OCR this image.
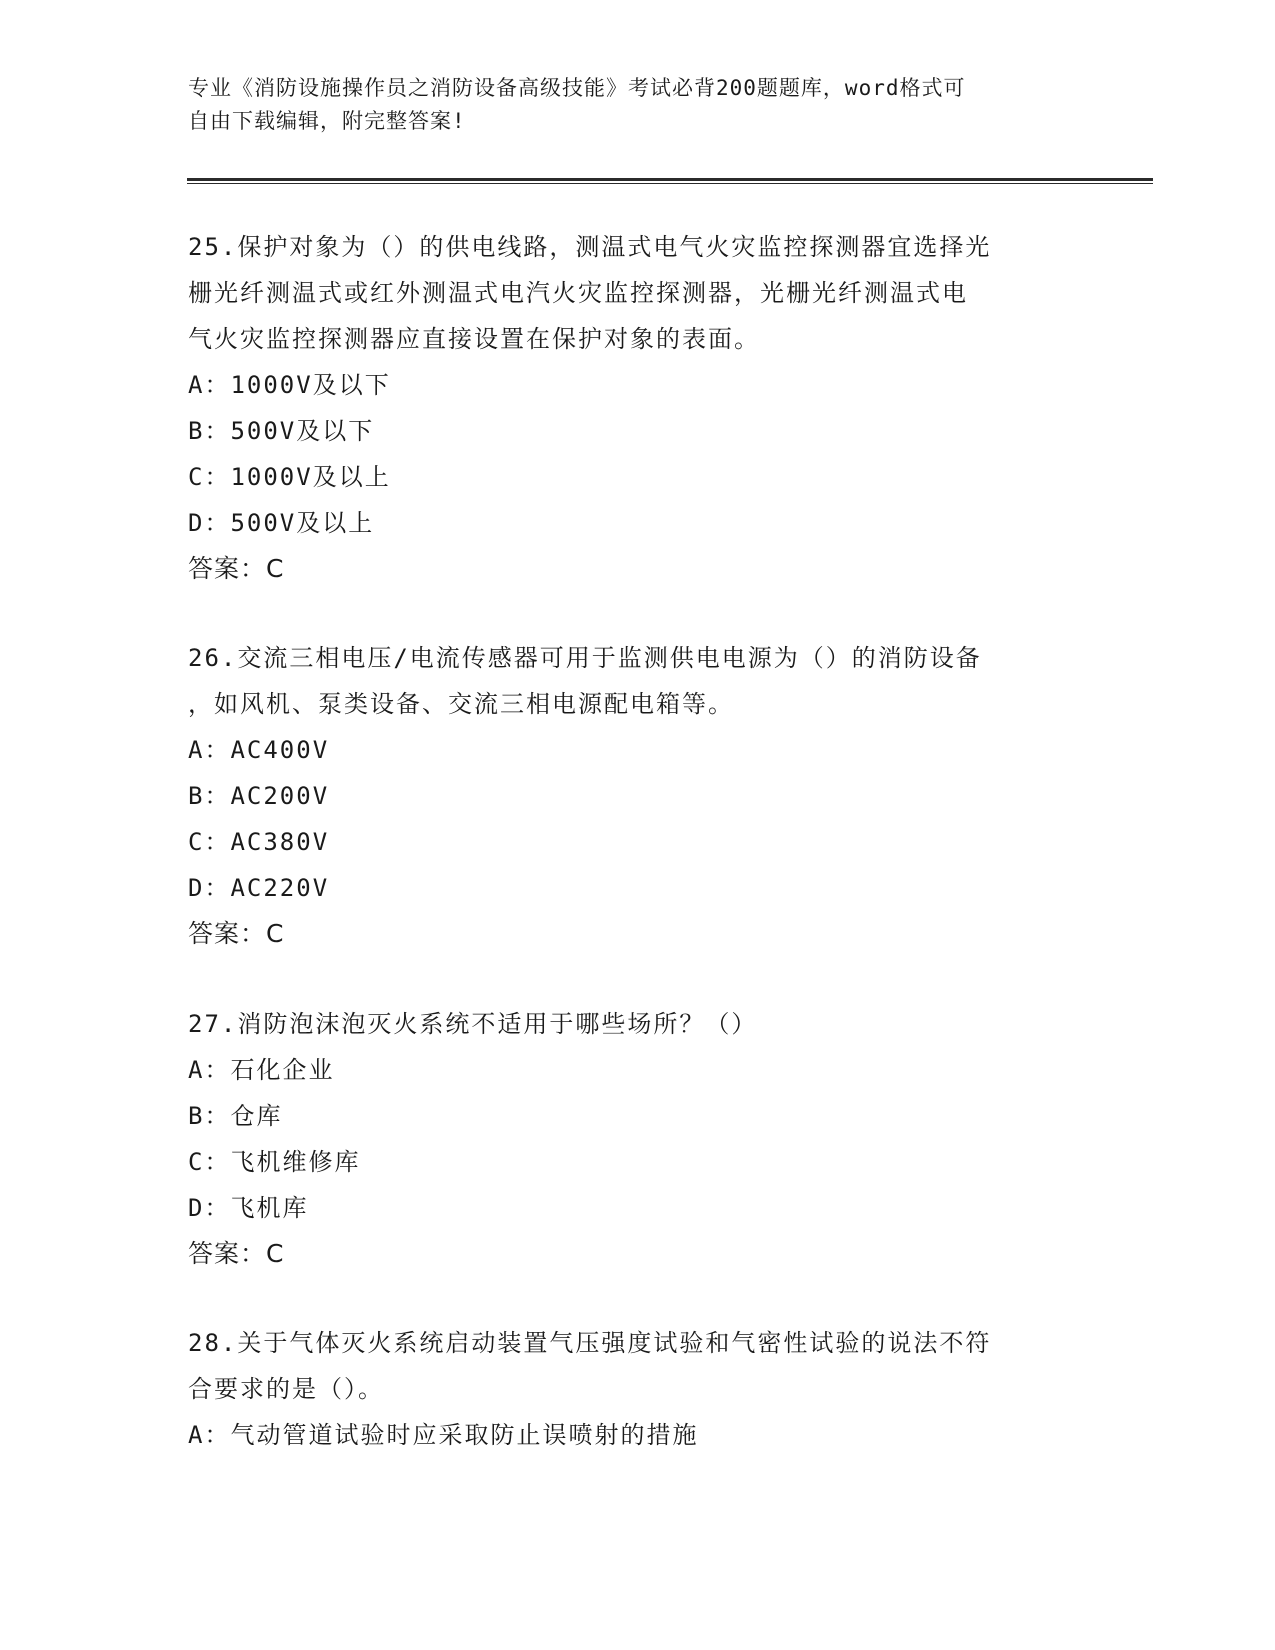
专业《消防设施操作员之消防设备高级技能》考试必背200题题库，word格式可
自由下载编辑，附完整答案!

25.保护对象为（）的供电线路，测温式电气火灾监控探测器宜选择光

栅光纤测温式或红外测温式电汽火灾监控探测器，光栅光纤测温式电

气火灾监控探测器应直接设置在保护对象的表面。

A：1000V及以下

B：500V及以下

C：1000V及以上

D：500V及以上

答案：C

26.交流三相电压/电流传感器可用于监测供电电源为（）的消防设备

，如风机、泵类设备、交流三相电源配电箱等。

A：AC400V

B：AC200V

C：AC380V

D：AC220V

答案：C

27.消防泡沫泡灭火系统不适用于哪些场所？（）

A：石化企业

B：仓库

C：飞机维修库

D：飞机库

答案：C

28.关于气体灭火系统启动装置气压强度试验和气密性试验的说法不符

合要求的是（）。

A：气动管道试验时应采取防止误喷射的措施
